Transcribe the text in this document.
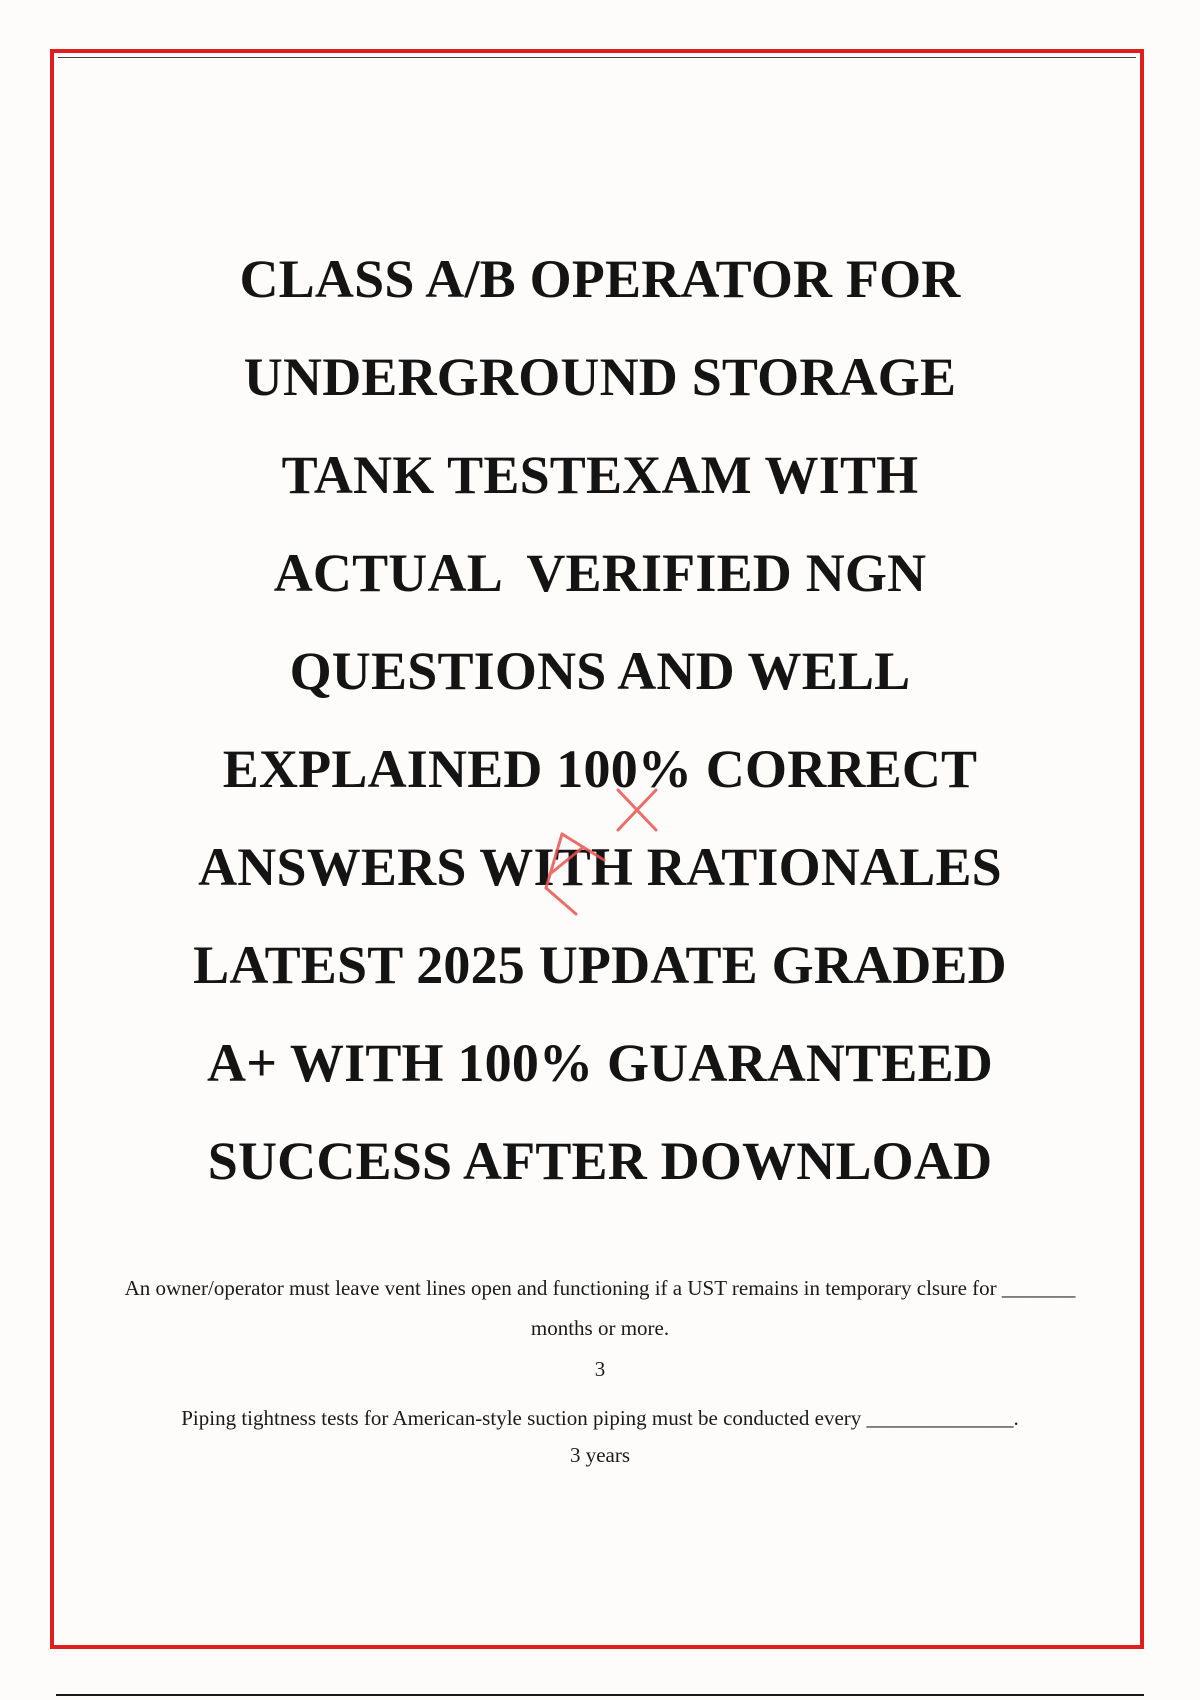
CLASS A/B OPERATOR FOR
UNDERGROUND STORAGE
TANK TESTEXAM WITH
ACTUAL  VERIFIED NGN
QUESTIONS AND WELL
EXPLAINED 100% CORRECT
ANSWERS WITH RATIONALES
LATEST 2025 UPDATE GRADED
A+ WITH 100% GUARANTEED
SUCCESS AFTER DOWNLOAD

An owner/operator must leave vent lines open and functioning if a UST remains in temporary clsure for _______ months or more.

3

Piping tightness tests for American-style suction piping must be conducted every ______________.

3 years
